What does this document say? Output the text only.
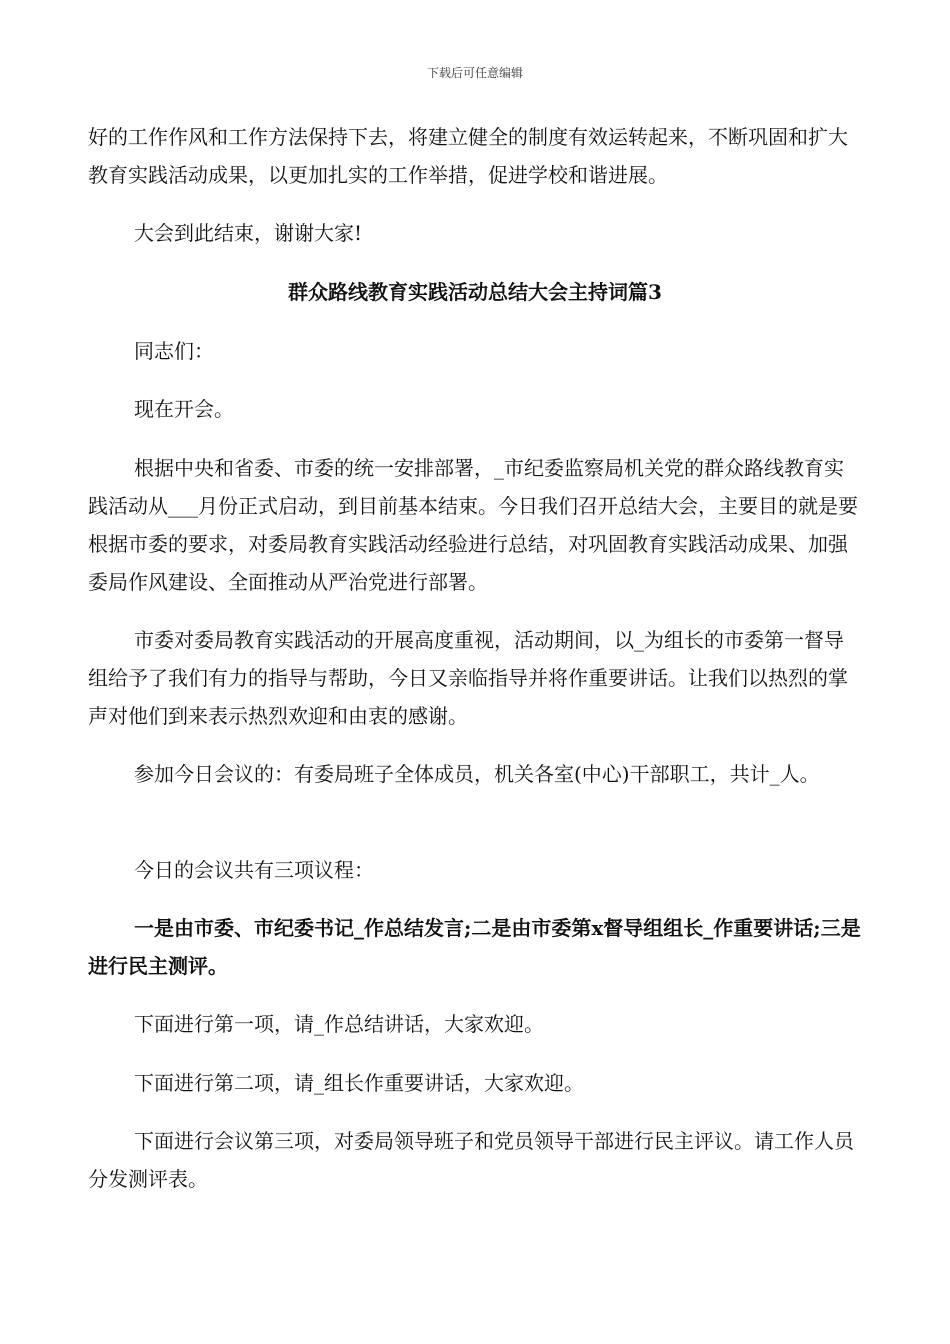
下载后可任意编辑

好的工作作风和工作方法保持下去，将建立健全的制度有效运转起来，不断巩固和扩大教育实践活动成果，以更加扎实的工作举措，促进学校和谐进展。

大会到此结束，谢谢大家!

群众路线教育实践活动总结大会主持词篇3

同志们：

现在开会。

根据中央和省委、市委的统一安排部署，_市纪委监察局机关党的群众路线教育实践活动从___月份正式启动，到目前基本结束。今日我们召开总结大会，主要目的就是要根据市委的要求，对委局教育实践活动经验进行总结，对巩固教育实践活动成果、加强委局作风建设、全面推动从严治党进行部署。

市委对委局教育实践活动的开展高度重视，活动期间，以_为组长的市委第一督导组给予了我们有力的指导与帮助，今日又亲临指导并将作重要讲话。让我们以热烈的掌声对他们到来表示热烈欢迎和由衷的感谢。

参加今日会议的：有委局班子全体成员，机关各室(中心)干部职工，共计_人。

今日的会议共有三项议程：

一是由市委、市纪委书记_作总结发言;二是由市委第x督导组组长_作重要讲话;三是进行民主测评。

下面进行第一项，请_作总结讲话，大家欢迎。

下面进行第二项，请_组长作重要讲话，大家欢迎。

下面进行会议第三项，对委局领导班子和党员领导干部进行民主评议。请工作人员分发测评表。
